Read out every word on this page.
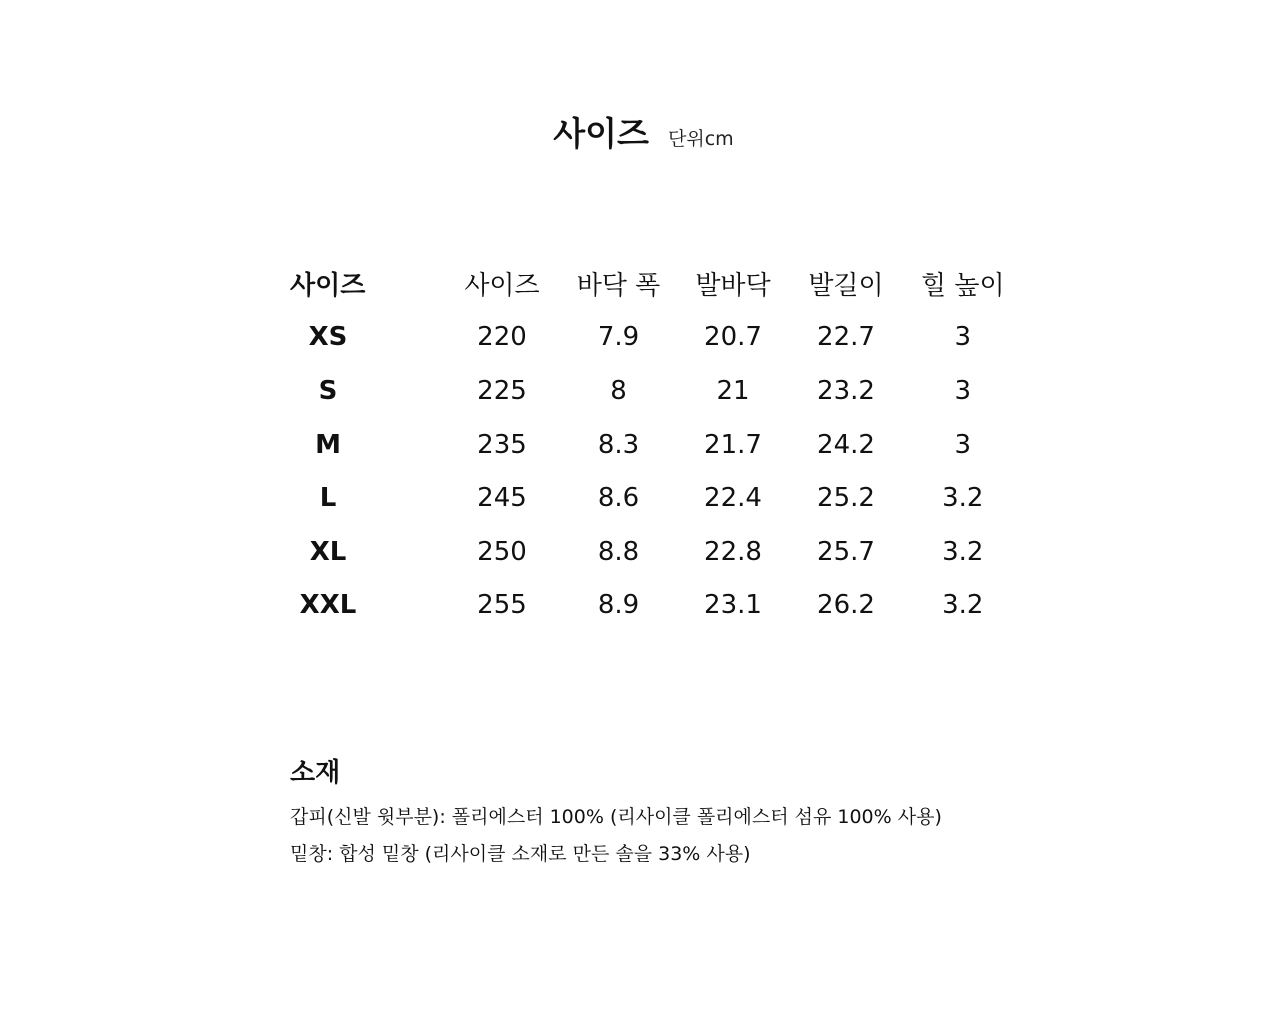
사이즈 단위cm
사이즈		사이즈	바닥 폭	발바닥	발길이	힐 높이
XS		220	7.9	20.7	22.7	3
S		225	8	21	23.2	3
M		235	8.3	21.7	24.2	3
L		245	8.6	22.4	25.2	3.2
XL		250	8.8	22.8	25.7	3.2
XXL		255	8.9	23.1	26.2	3.2
소재

갑피(신발 윗부분): 폴리에스터 100% (리사이클 폴리에스터 섬유 100% 사용)

밑창: 합성 밑창 (리사이클 소재로 만든 솔을 33% 사용)
